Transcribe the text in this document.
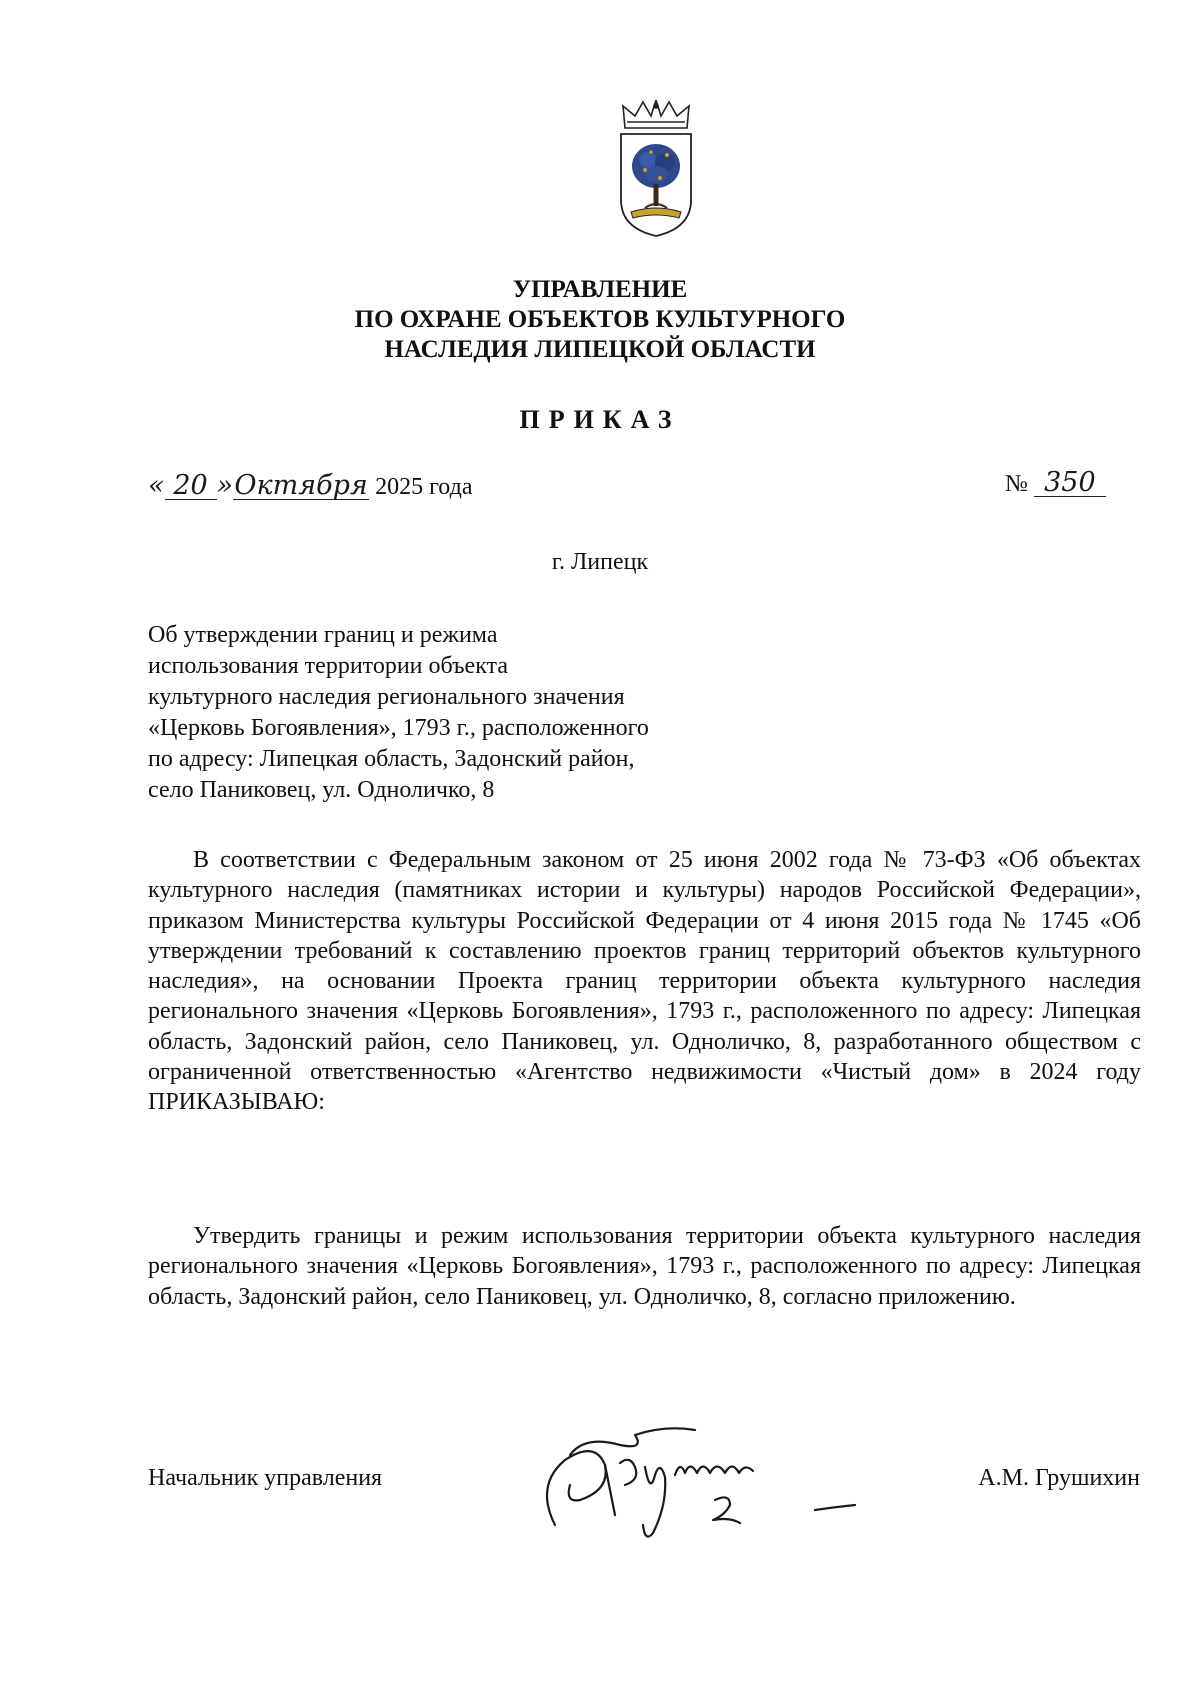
УПРАВЛЕНИЕ
ПО ОХРАНЕ ОБЪЕКТОВ КУЛЬТУРНОГО
НАСЛЕДИЯ ЛИПЕЦКОЙ ОБЛАСТИ
ПРИКАЗ
« 20 »Октября 2025 года	№ 350
г. Липецк
Об утверждении границ и режима
использования территории объекта
культурного наследия регионального значения
«Церковь Богоявления», 1793 г., расположенного
по адресу: Липецкая область, Задонский район,
село Паниковец, ул. Одноличко, 8
В соответствии с Федеральным законом от 25 июня 2002 года № 73-ФЗ «Об объектах культурного наследия (памятниках истории и культуры) народов Российской Федерации», приказом Министерства культуры Российской Федерации от 4 июня 2015 года № 1745 «Об утверждении требований к составлению проектов границ территорий объектов культурного наследия», на основании Проекта границ территории объекта культурного наследия регионального значения «Церковь Богоявления», 1793 г., расположенного по адресу: Липецкая область, Задонский район, село Паниковец, ул. Одноличко, 8, разработанного обществом с ограниченной ответственностью «Агентство недвижимости «Чистый дом» в 2024 году ПРИКАЗЫВАЮ:
Утвердить границы и режим использования территории объекта культурного наследия регионального значения «Церковь Богоявления», 1793 г., расположенного по адресу: Липецкая область, Задонский район, село Паниковец, ул. Одноличко, 8, согласно приложению.
Начальник управления	А.М. Грушихин
